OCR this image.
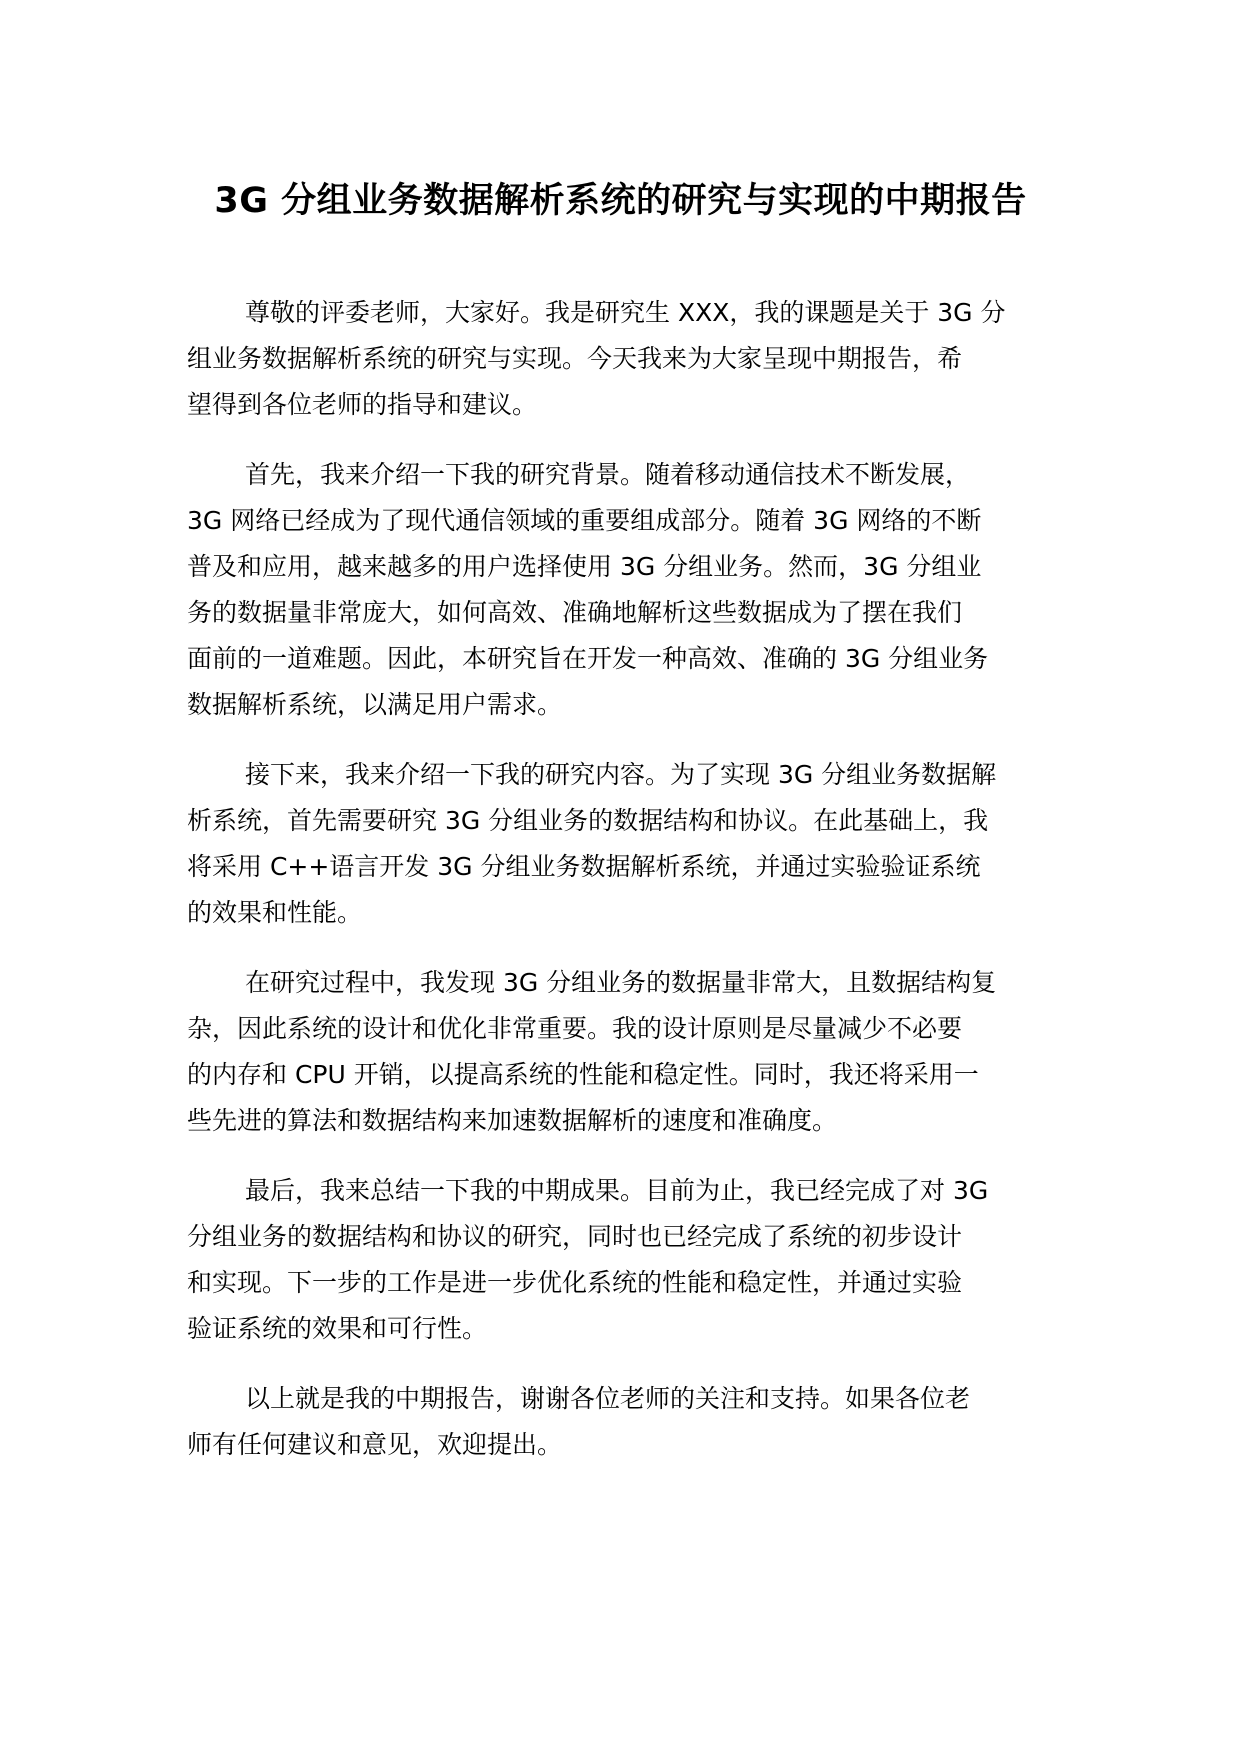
3G 分组业务数据解析系统的研究与实现的中期报告

尊敬的评委老师，大家好。我是研究生 XXX，我的课题是关于 3G 分
组业务数据解析系统的研究与实现。今天我来为大家呈现中期报告，希
望得到各位老师的指导和建议。

首先，我来介绍一下我的研究背景。随着移动通信技术不断发展，
3G 网络已经成为了现代通信领域的重要组成部分。随着 3G 网络的不断
普及和应用，越来越多的用户选择使用 3G 分组业务。然而，3G 分组业
务的数据量非常庞大，如何高效、准确地解析这些数据成为了摆在我们
面前的一道难题。因此，本研究旨在开发一种高效、准确的 3G 分组业务
数据解析系统，以满足用户需求。

接下来，我来介绍一下我的研究内容。为了实现 3G 分组业务数据解
析系统，首先需要研究 3G 分组业务的数据结构和协议。在此基础上，我
将采用 C++语言开发 3G 分组业务数据解析系统，并通过实验验证系统
的效果和性能。

在研究过程中，我发现 3G 分组业务的数据量非常大，且数据结构复
杂，因此系统的设计和优化非常重要。我的设计原则是尽量减少不必要
的内存和 CPU 开销，以提高系统的性能和稳定性。同时，我还将采用一
些先进的算法和数据结构来加速数据解析的速度和准确度。

最后，我来总结一下我的中期成果。目前为止，我已经完成了对 3G
分组业务的数据结构和协议的研究，同时也已经完成了系统的初步设计
和实现。下一步的工作是进一步优化系统的性能和稳定性，并通过实验
验证系统的效果和可行性。

以上就是我的中期报告，谢谢各位老师的关注和支持。如果各位老
师有任何建议和意见，欢迎提出。
